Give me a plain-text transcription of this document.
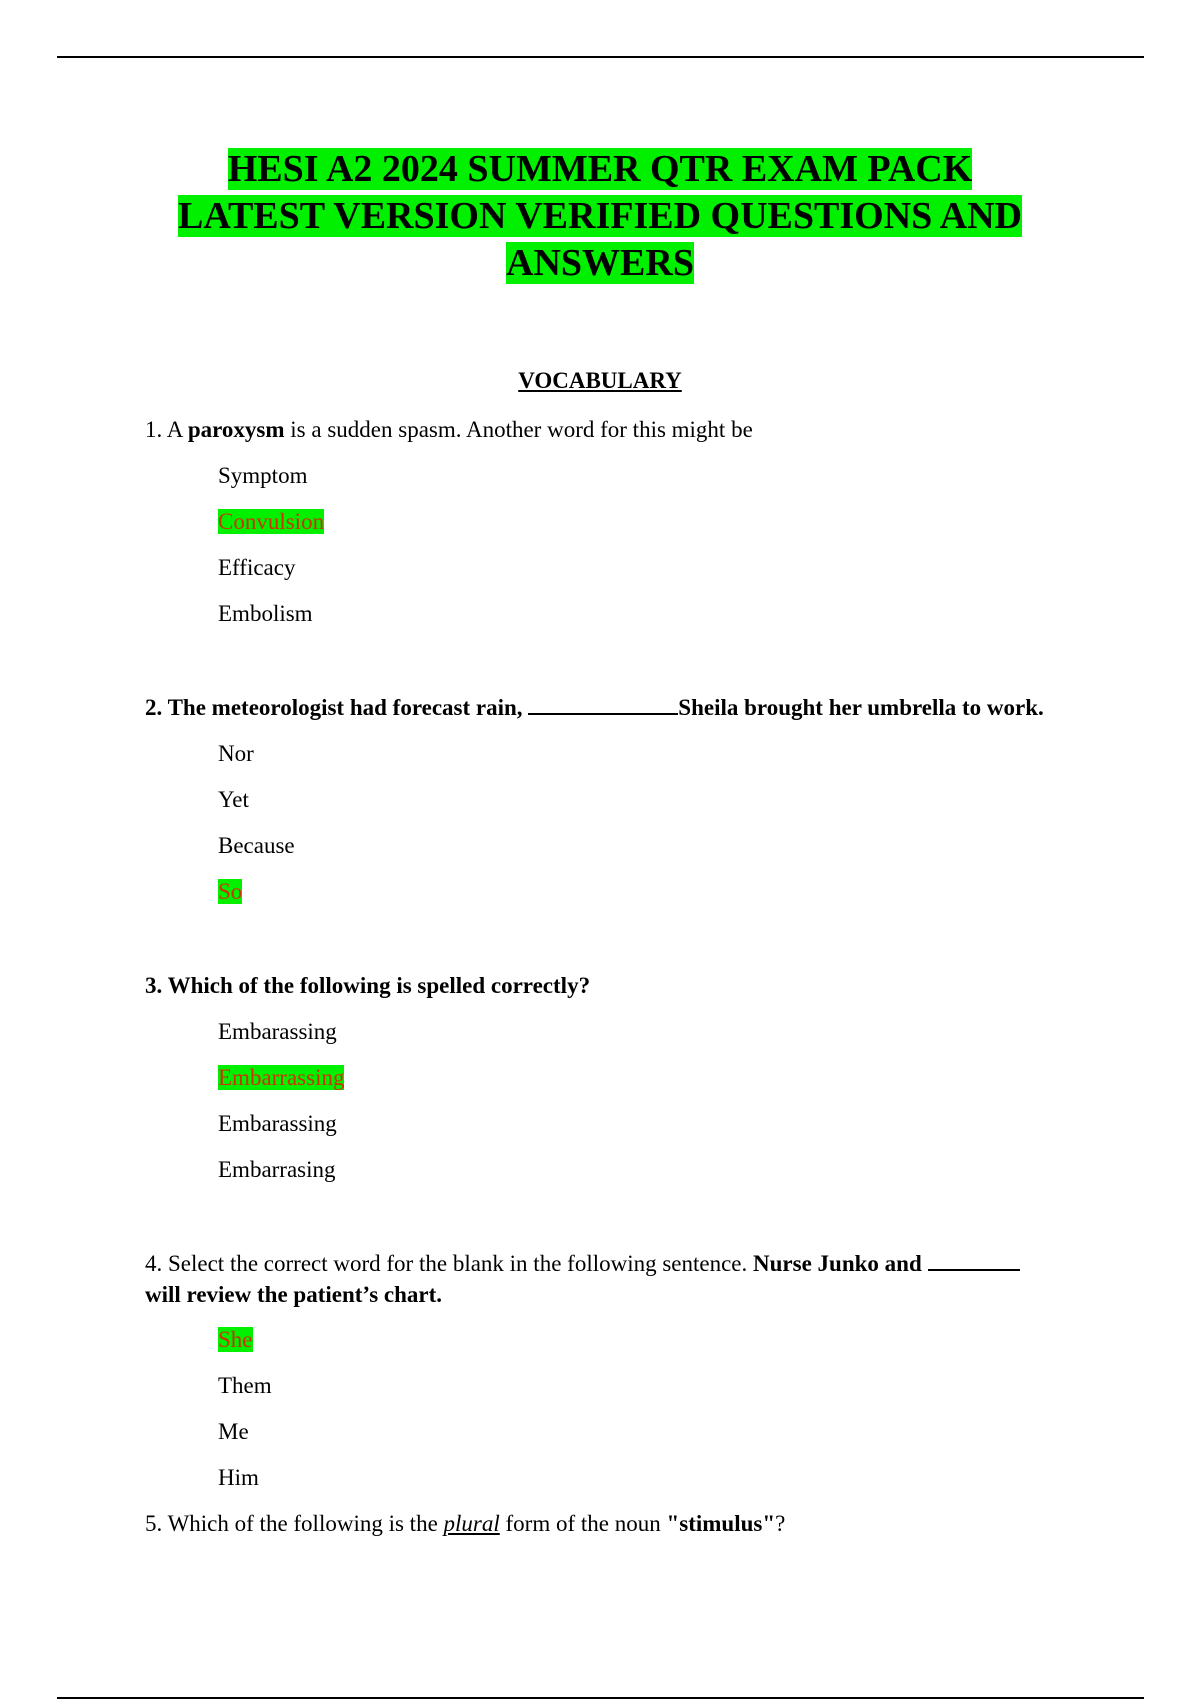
HESI A2 2024 SUMMER QTR EXAM PACK
LATEST VERSION VERIFIED QUESTIONS AND
ANSWERS
VOCABULARY
1. A paroxysm is a sudden spasm. Another word for this might be
Symptom
Convulsion
Efficacy
Embolism
2. The meteorologist had forecast rain,	Sheila brought her umbrella to work.
Nor
Yet
Because
So
3. Which of the following is spelled correctly?
Embarassing
Embarrassing
Embarassing
Embarrasing
4. Select the correct word for the blank in the following sentence. Nurse Junko and
will review the patient’s chart.
She
Them
Me
Him
5. Which of the following is the plural form of the noun "stimulus"?
